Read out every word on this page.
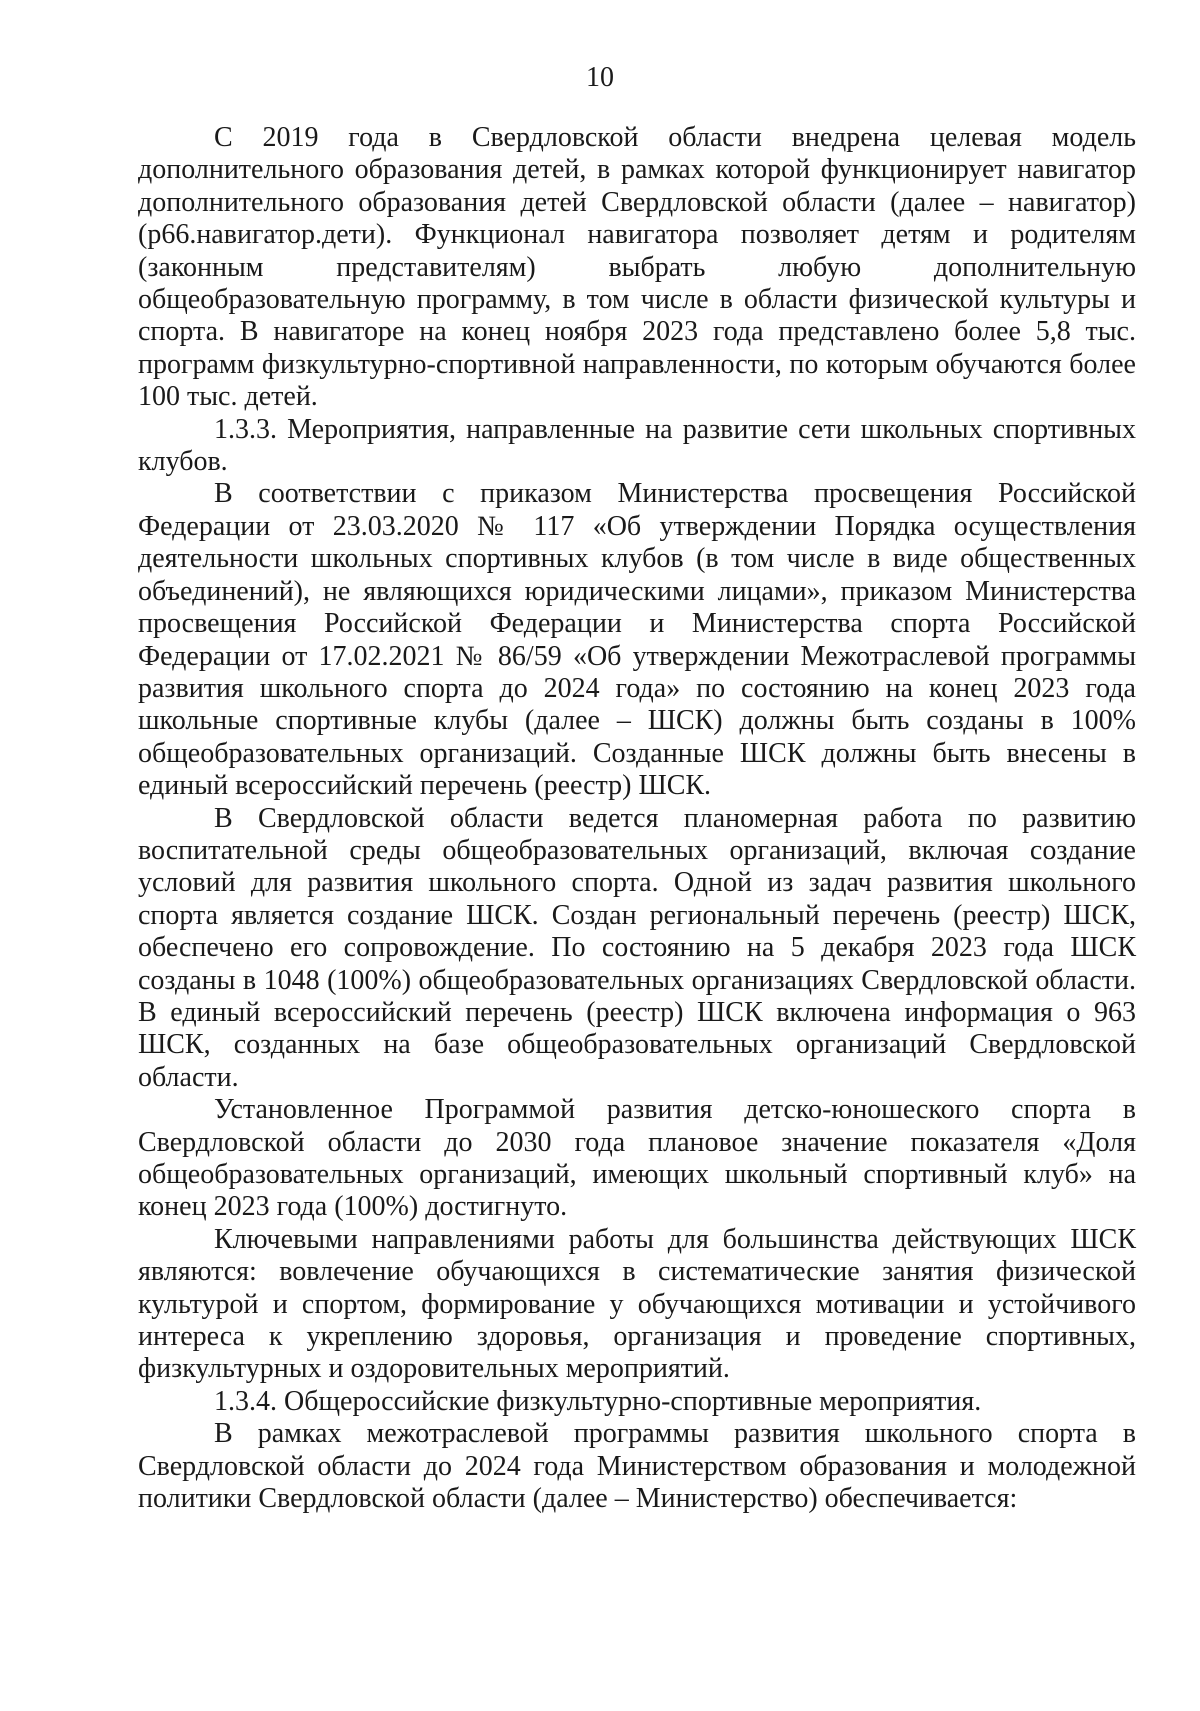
10

С 2019 года в Свердловской области внедрена целевая модель дополнительного образования детей, в рамках которой функционирует навигатор дополнительного образования детей Свердловской области (далее – навигатор) (р66.навигатор.дети). Функционал навигатора позволяет детям и родителям (законным представителям) выбрать любую дополнительную общеобразовательную программу, в том числе в области физической культуры и спорта. В навигаторе на конец ноября 2023 года представлено более 5,8 тыс. программ физкультурно-спортивной направленности, по которым обучаются более 100 тыс. детей.

1.3.3. Мероприятия, направленные на развитие сети школьных спортивных клубов.

В соответствии с приказом Министерства просвещения Российской Федерации от 23.03.2020 № 117 «Об утверждении Порядка осуществления деятельности школьных спортивных клубов (в том числе в виде общественных объединений), не являющихся юридическими лицами», приказом Министерства просвещения Российской Федерации и Министерства спорта Российской Федерации от 17.02.2021 № 86/59 «Об утверждении Межотраслевой программы развития школьного спорта до 2024 года» по состоянию на конец 2023 года школьные спортивные клубы (далее – ШСК) должны быть созданы в 100% общеобразовательных организаций. Созданные ШСК должны быть внесены в единый всероссийский перечень (реестр) ШСК.

В Свердловской области ведется планомерная работа по развитию воспитательной среды общеобразовательных организаций, включая создание условий для развития школьного спорта. Одной из задач развития школьного спорта является создание ШСК. Создан региональный перечень (реестр) ШСК, обеспечено его сопровождение. По состоянию на 5 декабря 2023 года ШСК созданы в 1048 (100%) общеобразовательных организациях Свердловской области. В единый всероссийский перечень (реестр) ШСК включена информация о 963 ШСК, созданных на базе общеобразовательных организаций Свердловской области.

Установленное Программой развития детско-юношеского спорта в Свердловской области до 2030 года плановое значение показателя «Доля общеобразовательных организаций, имеющих школьный спортивный клуб» на конец 2023 года (100%) достигнуто.

Ключевыми направлениями работы для большинства действующих ШСК являются: вовлечение обучающихся в систематические занятия физической культурой и спортом, формирование у обучающихся мотивации и устойчивого интереса к укреплению здоровья, организация и проведение спортивных, физкультурных и оздоровительных мероприятий.

1.3.4. Общероссийские физкультурно-спортивные мероприятия.

В рамках межотраслевой программы развития школьного спорта в Свердловской области до 2024 года Министерством образования и молодежной политики Свердловской области (далее – Министерство) обеспечивается:
